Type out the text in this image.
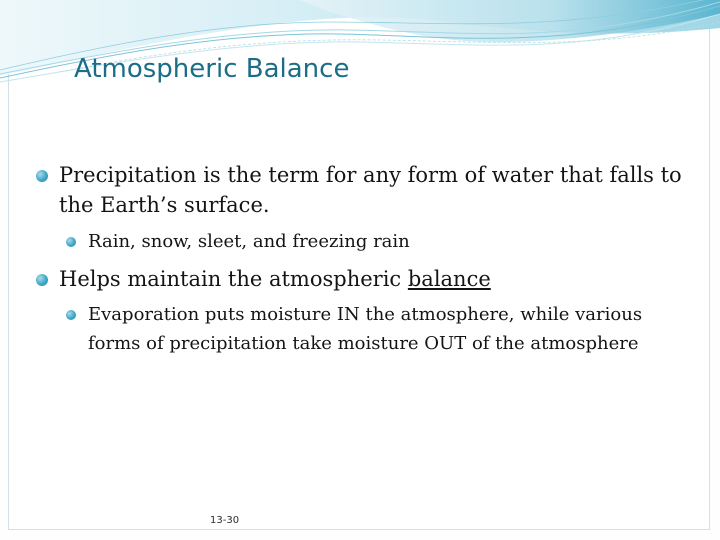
Atmospheric Balance
Precipitation is the term for any form of water that falls to the Earth’s surface.
Rain, snow, sleet, and freezing rain
Helps maintain the atmospheric balance
Evaporation puts moisture IN the atmosphere, while various forms of precipitation take moisture OUT of the atmosphere
13-30
